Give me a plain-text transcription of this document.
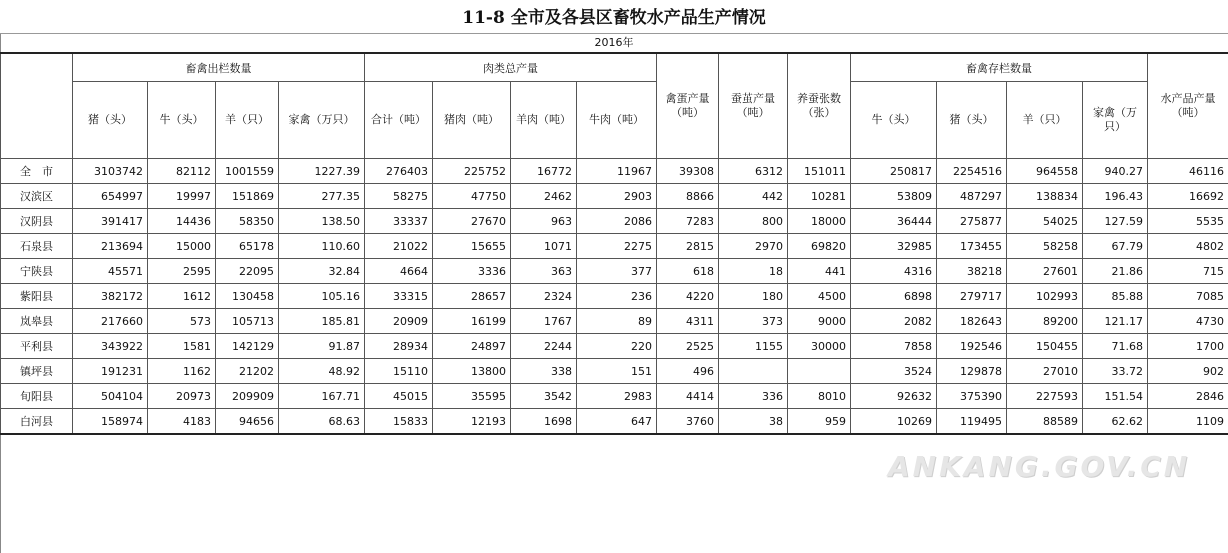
11-8 全市及各县区畜牧水产品生产情况
2016年
	畜禽出栏数量				肉类总产量				禽蛋产量（吨）	蚕茧产量（吨）	养蚕张数（张）	畜禽存栏数量				水产品产量（吨）
	猪（头）	牛（头）	羊（只）	家禽（万只）	合计（吨）	猪肉（吨）	羊肉（吨）	牛肉（吨）				牛（头）	猪（头）	羊（只）	家禽（万只）	
全　市	3103742	82112	1001559	1227.39	276403	225752	16772	11967	39308	6312	151011	250817	2254516	964558	940.27	46116
汉滨区	654997	19997	151869	277.35	58275	47750	2462	2903	8866	442	10281	53809	487297	138834	196.43	16692
汉阴县	391417	14436	58350	138.50	33337	27670	963	2086	7283	800	18000	36444	275877	54025	127.59	5535
石泉县	213694	15000	65178	110.60	21022	15655	1071	2275	2815	2970	69820	32985	173455	58258	67.79	4802
宁陕县	45571	2595	22095	32.84	4664	3336	363	377	618	18	441	4316	38218	27601	21.86	715
紫阳县	382172	1612	130458	105.16	33315	28657	2324	236	4220	180	4500	6898	279717	102993	85.88	7085
岚皋县	217660	573	105713	185.81	20909	16199	1767	89	4311	373	9000	2082	182643	89200	121.17	4730
平利县	343922	1581	142129	91.87	28934	24897	2244	220	2525	1155	30000	7858	192546	150455	71.68	1700
镇坪县	191231	1162	21202	48.92	15110	13800	338	151	496			3524	129878	27010	33.72	902
旬阳县	504104	20973	209909	167.71	45015	35595	3542	2983	4414	336	8010	92632	375390	227593	151.54	2846
白河县	158974	4183	94656	68.63	15833	12193	1698	647	3760	38	959	10269	119495	88589	62.62	1109
ANKANG.GOV.CN
